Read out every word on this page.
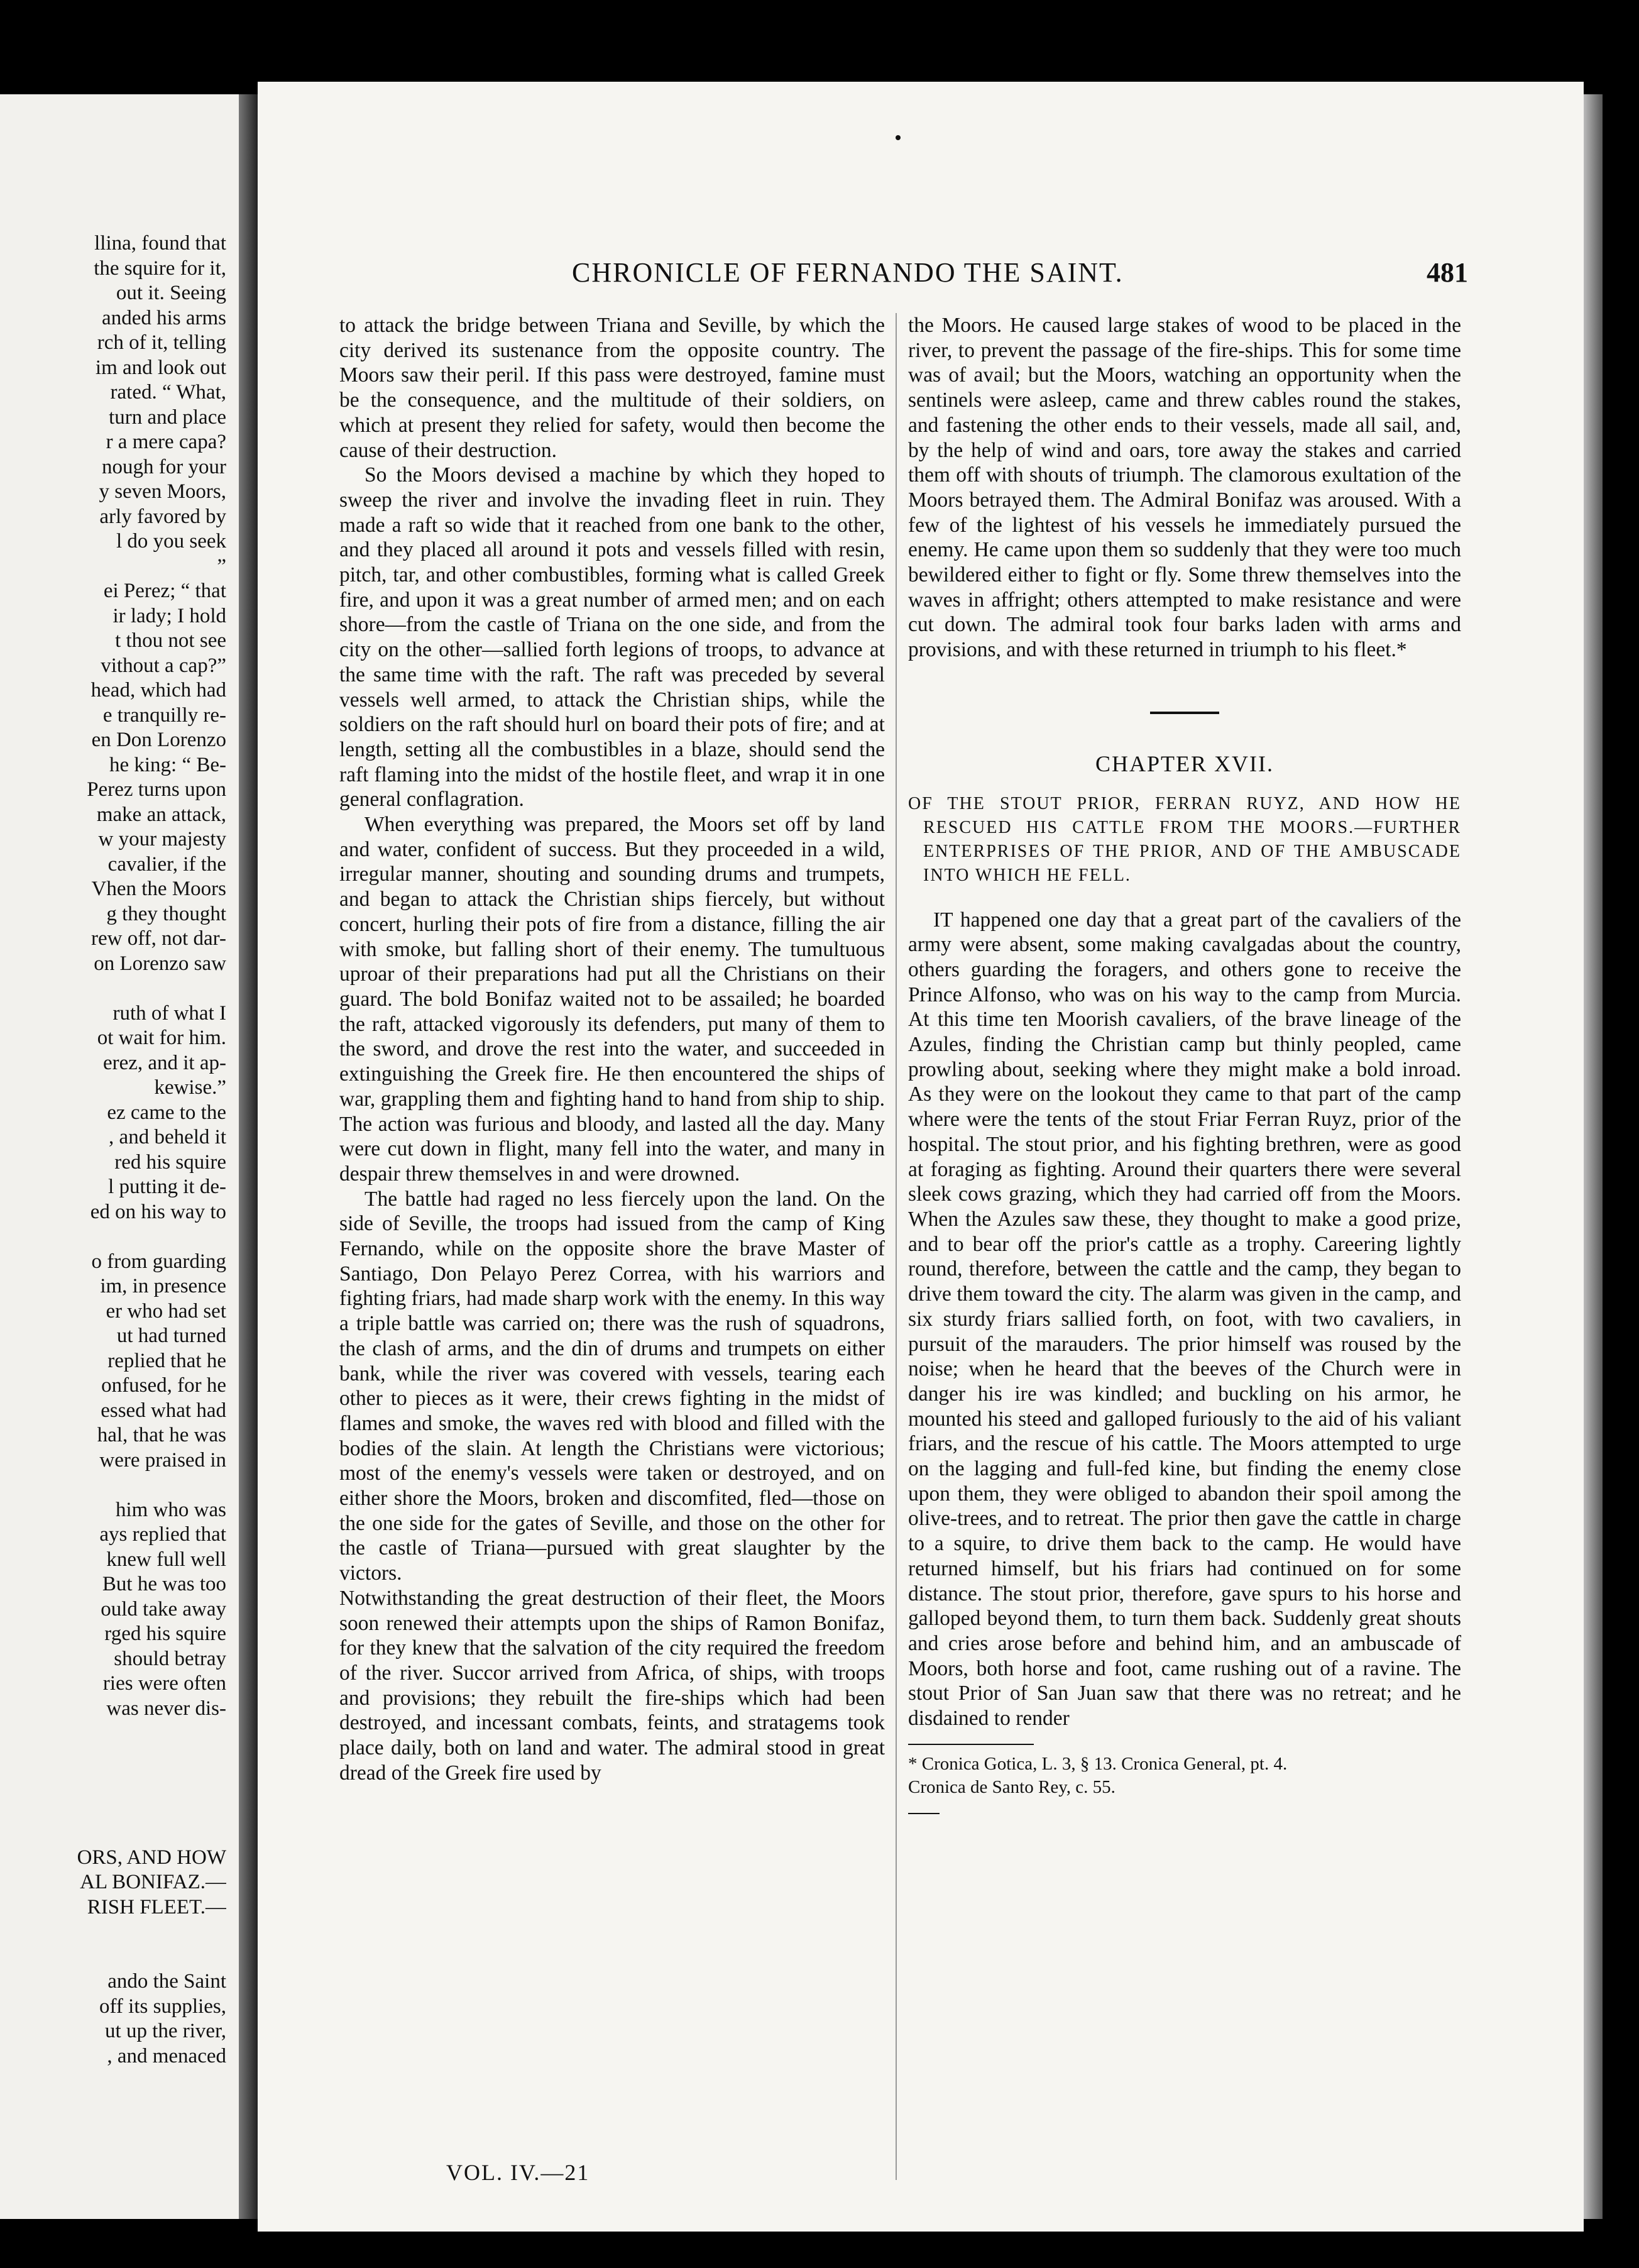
llina, found that
the squire for it,
out it. Seeing
anded his arms
rch of it, telling
im and look out
rated. “ What,
turn and place
r a mere capa?
nough for your
y seven Moors,
arly favored by
l do you seek
”
ei Perez; “ that
ir lady; I hold
t thou not see
vithout a cap?”
head, which had
e tranquilly re-
en Don Lorenzo
he king: “ Be-
Perez turns upon
make an attack,
w your majesty
cavalier, if the
Vhen the Moors
g they thought
rew off, not dar-
on Lorenzo saw
ruth of what I
ot wait for him.
erez, and it ap-
kewise.”
ez came to the
, and beheld it
red his squire
l putting it de-
ed on his way to
o from guarding
im, in presence
er who had set
ut had turned
replied that he
onfused, for he
essed what had
hal, that he was
were praised in
him who was
ays replied that
knew full well
But he was too
ould take away
rged his squire
should betray
ries were often
was never dis-
ORS, AND HOW
AL BONIFAZ.—
RISH FLEET.—
ando the Saint
off its supplies,
ut up the river,
, and menaced
CHRONICLE OF FERNANDO THE SAINT.	481

to attack the bridge between Triana and Seville, by which the city derived its sustenance from the opposite country. The Moors saw their peril. If this pass were destroyed, famine must be the consequence, and the multitude of their soldiers, on which at present they relied for safety, would then become the cause of their destruction.

So the Moors devised a machine by which they hoped to sweep the river and involve the invading fleet in ruin. They made a raft so wide that it reached from one bank to the other, and they placed all around it pots and vessels filled with resin, pitch, tar, and other combustibles, forming what is called Greek fire, and upon it was a great number of armed men; and on each shore—from the castle of Triana on the one side, and from the city on the other—sallied forth legions of troops, to advance at the same time with the raft. The raft was preceded by several vessels well armed, to attack the Christian ships, while the soldiers on the raft should hurl on board their pots of fire; and at length, setting all the combustibles in a blaze, should send the raft flaming into the midst of the hostile fleet, and wrap it in one general conflagration.

When everything was prepared, the Moors set off by land and water, confident of success. But they proceeded in a wild, irregular manner, shouting and sounding drums and trumpets, and began to attack the Christian ships fiercely, but without concert, hurling their pots of fire from a distance, filling the air with smoke, but falling short of their enemy. The tumultuous uproar of their preparations had put all the Christians on their guard. The bold Bonifaz waited not to be assailed; he boarded the raft, attacked vigorously its defenders, put many of them to the sword, and drove the rest into the water, and succeeded in extinguishing the Greek fire. He then encountered the ships of war, grappling them and fighting hand to hand from ship to ship. The action was furious and bloody, and lasted all the day. Many were cut down in flight, many fell into the water, and many in despair threw themselves in and were drowned.

The battle had raged no less fiercely upon the land. On the side of Seville, the troops had issued from the camp of King Fernando, while on the opposite shore the brave Master of Santiago, Don Pelayo Perez Correa, with his warriors and fighting friars, had made sharp work with the enemy. In this way a triple battle was carried on; there was the rush of squadrons, the clash of arms, and the din of drums and trumpets on either bank, while the river was covered with vessels, tearing each other to pieces as it were, their crews fighting in the midst of flames and smoke, the waves red with blood and filled with the bodies of the slain. At length the Christians were victorious; most of the enemy's vessels were taken or destroyed, and on either shore the Moors, broken and discomfited, fled—those on the one side for the gates of Seville, and those on the other for the castle of Triana—pursued with great slaughter by the victors.

Notwithstanding the great destruction of their fleet, the Moors soon renewed their attempts upon the ships of Ramon Bonifaz, for they knew that the salvation of the city required the freedom of the river. Succor arrived from Africa, of ships, with troops and provisions; they rebuilt the fire-ships which had been destroyed, and incessant combats, feints, and stratagems took place daily, both on land and water. The admiral stood in great dread of the Greek fire used by

the Moors. He caused large stakes of wood to be placed in the river, to prevent the passage of the fire-ships. This for some time was of avail; but the Moors, watching an opportunity when the sentinels were asleep, came and threw cables round the stakes, and fastening the other ends to their vessels, made all sail, and, by the help of wind and oars, tore away the stakes and carried them off with shouts of triumph. The clamorous exultation of the Moors betrayed them. The Admiral Bonifaz was aroused. With a few of the lightest of his vessels he immediately pursued the enemy. He came upon them so suddenly that they were too much bewildered either to fight or fly. Some threw themselves into the waves in affright; others attempted to make resistance and were cut down. The admiral took four barks laden with arms and provisions, and with these returned in triumph to his fleet.*

CHAPTER XVII.
OF THE STOUT PRIOR, FERRAN RUYZ, AND HOW HE RESCUED HIS CATTLE FROM THE MOORS.—FURTHER ENTERPRISES OF THE PRIOR, AND OF THE AMBUSCADE INTO WHICH HE FELL.

IT happened one day that a great part of the cavaliers of the army were absent, some making cavalgadas about the country, others guarding the foragers, and others gone to receive the Prince Alfonso, who was on his way to the camp from Murcia. At this time ten Moorish cavaliers, of the brave lineage of the Azules, finding the Christian camp but thinly peopled, came prowling about, seeking where they might make a bold inroad. As they were on the lookout they came to that part of the camp where were the tents of the stout Friar Ferran Ruyz, prior of the hospital. The stout prior, and his fighting brethren, were as good at foraging as fighting. Around their quarters there were several sleek cows grazing, which they had carried off from the Moors. When the Azules saw these, they thought to make a good prize, and to bear off the prior's cattle as a trophy. Careering lightly round, therefore, between the cattle and the camp, they began to drive them toward the city. The alarm was given in the camp, and six sturdy friars sallied forth, on foot, with two cavaliers, in pursuit of the marauders. The prior himself was roused by the noise; when he heard that the beeves of the Church were in danger his ire was kindled; and buckling on his armor, he mounted his steed and galloped furiously to the aid of his valiant friars, and the rescue of his cattle. The Moors attempted to urge on the lagging and full-fed kine, but finding the enemy close upon them, they were obliged to abandon their spoil among the olive-trees, and to retreat. The prior then gave the cattle in charge to a squire, to drive them back to the camp. He would have returned himself, but his friars had continued on for some distance. The stout prior, therefore, gave spurs to his horse and galloped beyond them, to turn them back. Suddenly great shouts and cries arose before and behind him, and an ambuscade of Moors, both horse and foot, came rushing out of a ravine. The stout Prior of San Juan saw that there was no retreat; and he disdained to render

* Cronica Gotica, L. 3, § 13. Cronica General, pt. 4.
Cronica de Santo Rey, c. 55.
VOL. IV.—21
